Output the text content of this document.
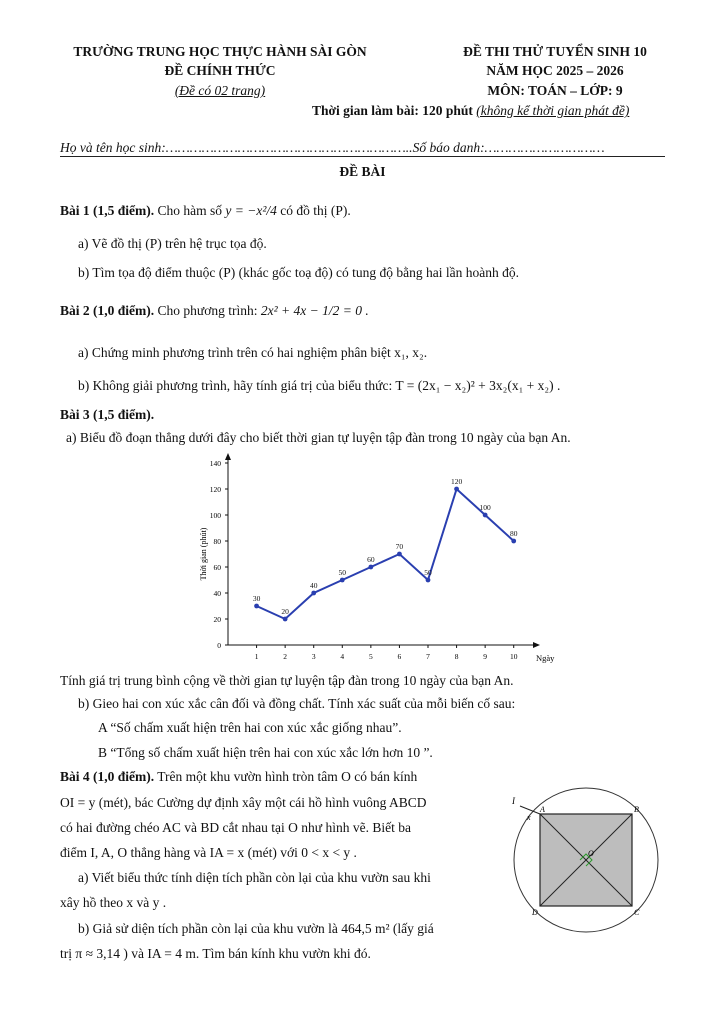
TRƯỜNG TRUNG HỌC THỰC HÀNH SÀI GÒN
ĐỀ CHÍNH THỨC
(Đề có 02 trang)
ĐỀ THI THỬ TUYỂN SINH 10
NĂM HỌC 2025 – 2026
MÔN: TOÁN – LỚP: 9
Thời gian làm bài: 120 phút (không kể thời gian phát đề)
Họ và tên học sinh:……………………………………………………..Số báo danh:…………………………
ĐỀ BÀI
Bài 1 (1,5 điểm). Cho hàm số y = −x²/4 có đồ thị (P).
a) Vẽ đồ thị (P) trên hệ trục tọa độ.
b) Tìm tọa độ điểm thuộc (P) (khác gốc toạ độ) có tung độ bằng hai lần hoành độ.
Bài 2 (1,0 điểm). Cho phương trình: 2x² + 4x − 1/2 = 0 .
a) Chứng minh phương trình trên có hai nghiệm phân biệt x₁, x₂.
b) Không giải phương trình, hãy tính giá trị của biểu thức: T = (2x₁ − x₂)² + 3x₂(x₁ + x₂) .
Bài 3 (1,5 điểm).
a) Biểu đồ đoạn thẳng dưới đây cho biết thời gian tự luyện tập đàn trong 10 ngày của bạn An.
0
20
40
60
80
100
120
140
1	2	3	4	5	6	7	8	9	10
30
20
40
50
60
70
50
120
100
80
Ngày
Thời gian (phút)
Tính giá trị trung bình cộng về thời gian tự luyện tập đàn trong 10 ngày của bạn An.
b) Gieo hai con xúc xắc cân đối và đồng chất. Tính xác suất của mỗi biến cố sau:
A “Số chấm xuất hiện trên hai con xúc xắc giống nhau”.
B “Tổng số chấm xuất hiện trên hai con xúc xắc lớn hơn 10 ”.
Bài 4 (1,0 điểm). Trên một khu vườn hình tròn tâm O có bán kính
OI = y (mét), bác Cường dự định xây một cái hồ hình vuông ABCD
có hai đường chéo AC và BD cắt nhau tại O như hình vẽ. Biết ba
điểm I, A, O thẳng hàng và IA = x (mét) với 0 < x < y .
a) Viết biểu thức tính diện tích phần còn lại của khu vườn sau khi
xây hồ theo x và y .
b) Giả sử diện tích phần còn lại của khu vườn là 464,5 m² (lấy giá
trị π ≈ 3,14 ) và IA = 4 m. Tìm bán kính khu vườn khi đó.
I
x
A	B
C
D
O
